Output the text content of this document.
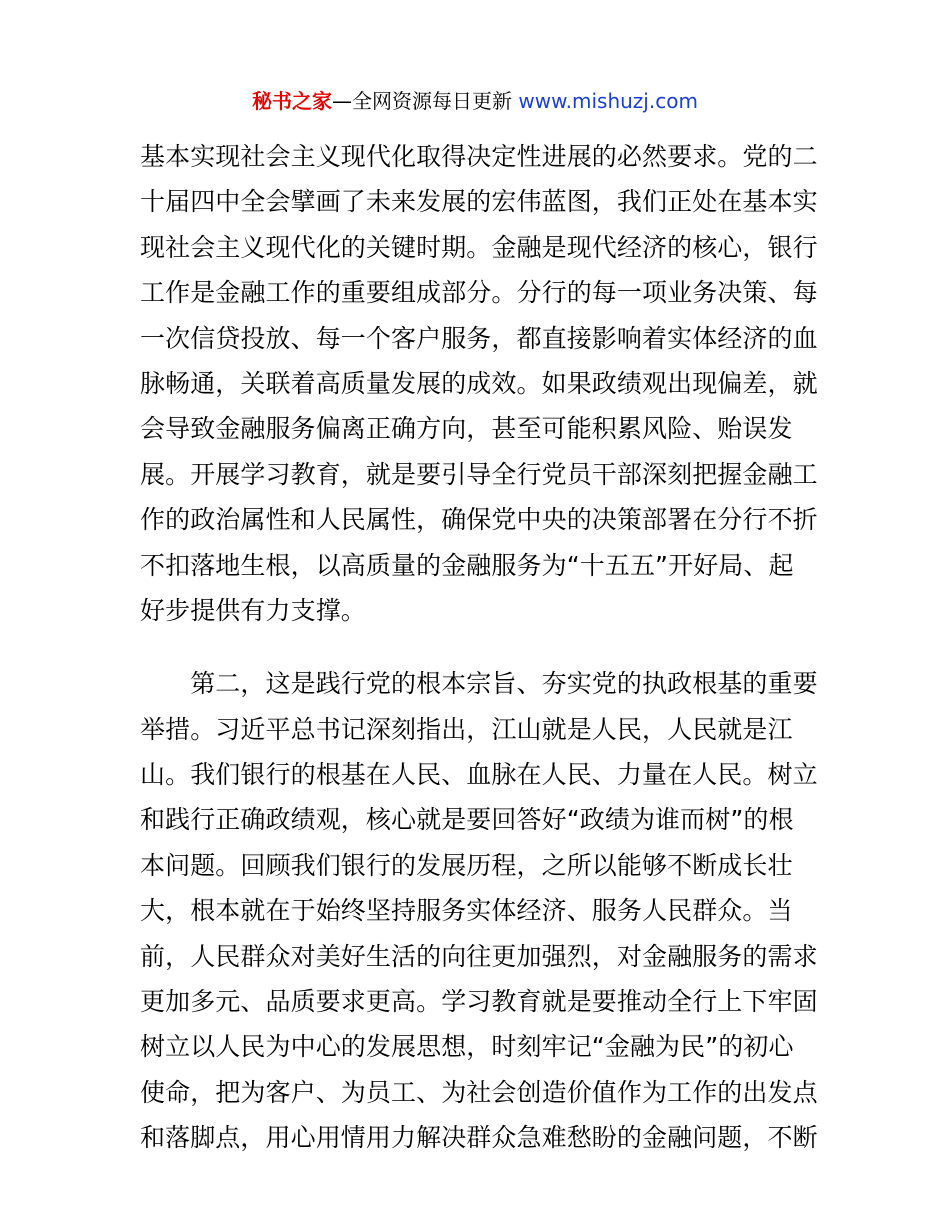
秘书之家—全网资源每日更新 www.mishuzj.com
基本实现社会主义现代化取得决定性进展的必然要求。党的二
十届四中全会擘画了未来发展的宏伟蓝图，我们正处在基本实
现社会主义现代化的关键时期。金融是现代经济的核心，银行
工作是金融工作的重要组成部分。分行的每一项业务决策、每
一次信贷投放、每一个客户服务，都直接影响着实体经济的血
脉畅通，关联着高质量发展的成效。如果政绩观出现偏差，就
会导致金融服务偏离正确方向，甚至可能积累风险、贻误发
展。开展学习教育，就是要引导全行党员干部深刻把握金融工
作的政治属性和人民属性，确保党中央的决策部署在分行不折
不扣落地生根，以高质量的金融服务为“十五五”开好局、起
好步提供有力支撑。
　　第二，这是践行党的根本宗旨、夯实党的执政根基的重要
举措。习近平总书记深刻指出，江山就是人民，人民就是江
山。我们银行的根基在人民、血脉在人民、力量在人民。树立
和践行正确政绩观，核心就是要回答好“政绩为谁而树”的根
本问题。回顾我们银行的发展历程，之所以能够不断成长壮
大，根本就在于始终坚持服务实体经济、服务人民群众。当
前，人民群众对美好生活的向往更加强烈，对金融服务的需求
更加多元、品质要求更高。学习教育就是要推动全行上下牢固
树立以人民为中心的发展思想，时刻牢记“金融为民”的初心
使命，把为客户、为员工、为社会创造价值作为工作的出发点
和落脚点，用心用情用力解决群众急难愁盼的金融问题，不断
